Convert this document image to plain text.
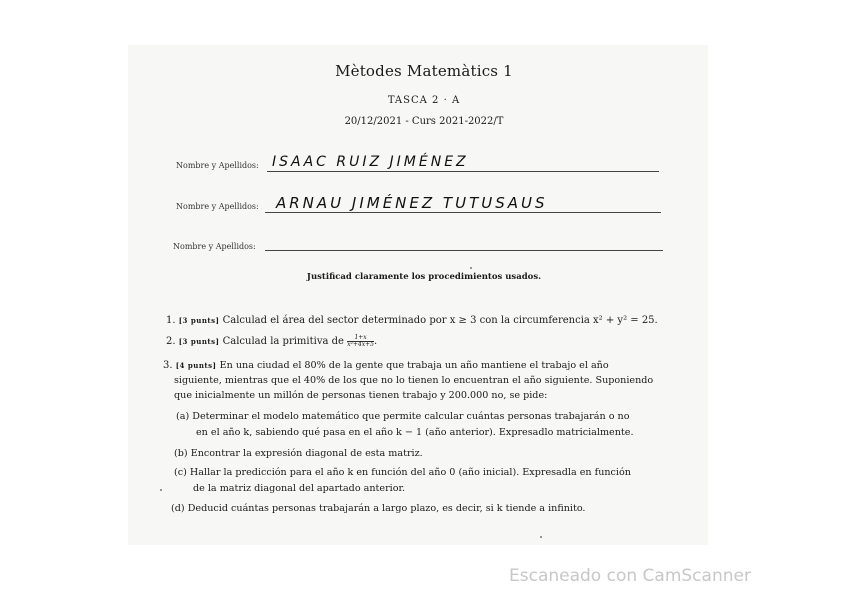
Mètodes Matemàtics 1
TASCA 2 · A
20/12/2021 - Curs 2021-2022/T
Nombre y Apellidos: ISAAC RUIZ JIMÉNEZ
Nombre y Apellidos: ARNAU JIMÉNEZ TUTUSAUS
Nombre y Apellidos:
Justificad claramente los procedimientos usados.
1. [3 punts] Calculad el área del sector determinado por x ≥ 3 con la circumferencia x² + y² = 25.
2. [3 punts] Calculad la primitiva de $\frac{1+x}{\text{x²+4x+5}}$ .
3. [4 punts] En una ciudad el 80% de la gente que trabaja un año mantiene el trabajo el año
siguiente, mientras que el 40% de los que no lo tienen lo encuentran el año siguiente. Suponiendo
que inicialmente un millón de personas tienen trabajo y 200.000 no, se pide:
(a) Determinar el modelo matemático que permite calcular cuántas personas trabajarán o no
en el año k, sabiendo qué pasa en el año k − 1 (año anterior). Expresadlo matricialmente.
(b) Encontrar la expresión diagonal de esta matriz.
(c) Hallar la predicción para el año k en función del año 0 (año inicial). Expresadla en función
de la matriz diagonal del apartado anterior.
(d) Deducid cuántas personas trabajarán a largo plazo, es decir, si k tiende a infinito.
Escaneado con CamScanner
